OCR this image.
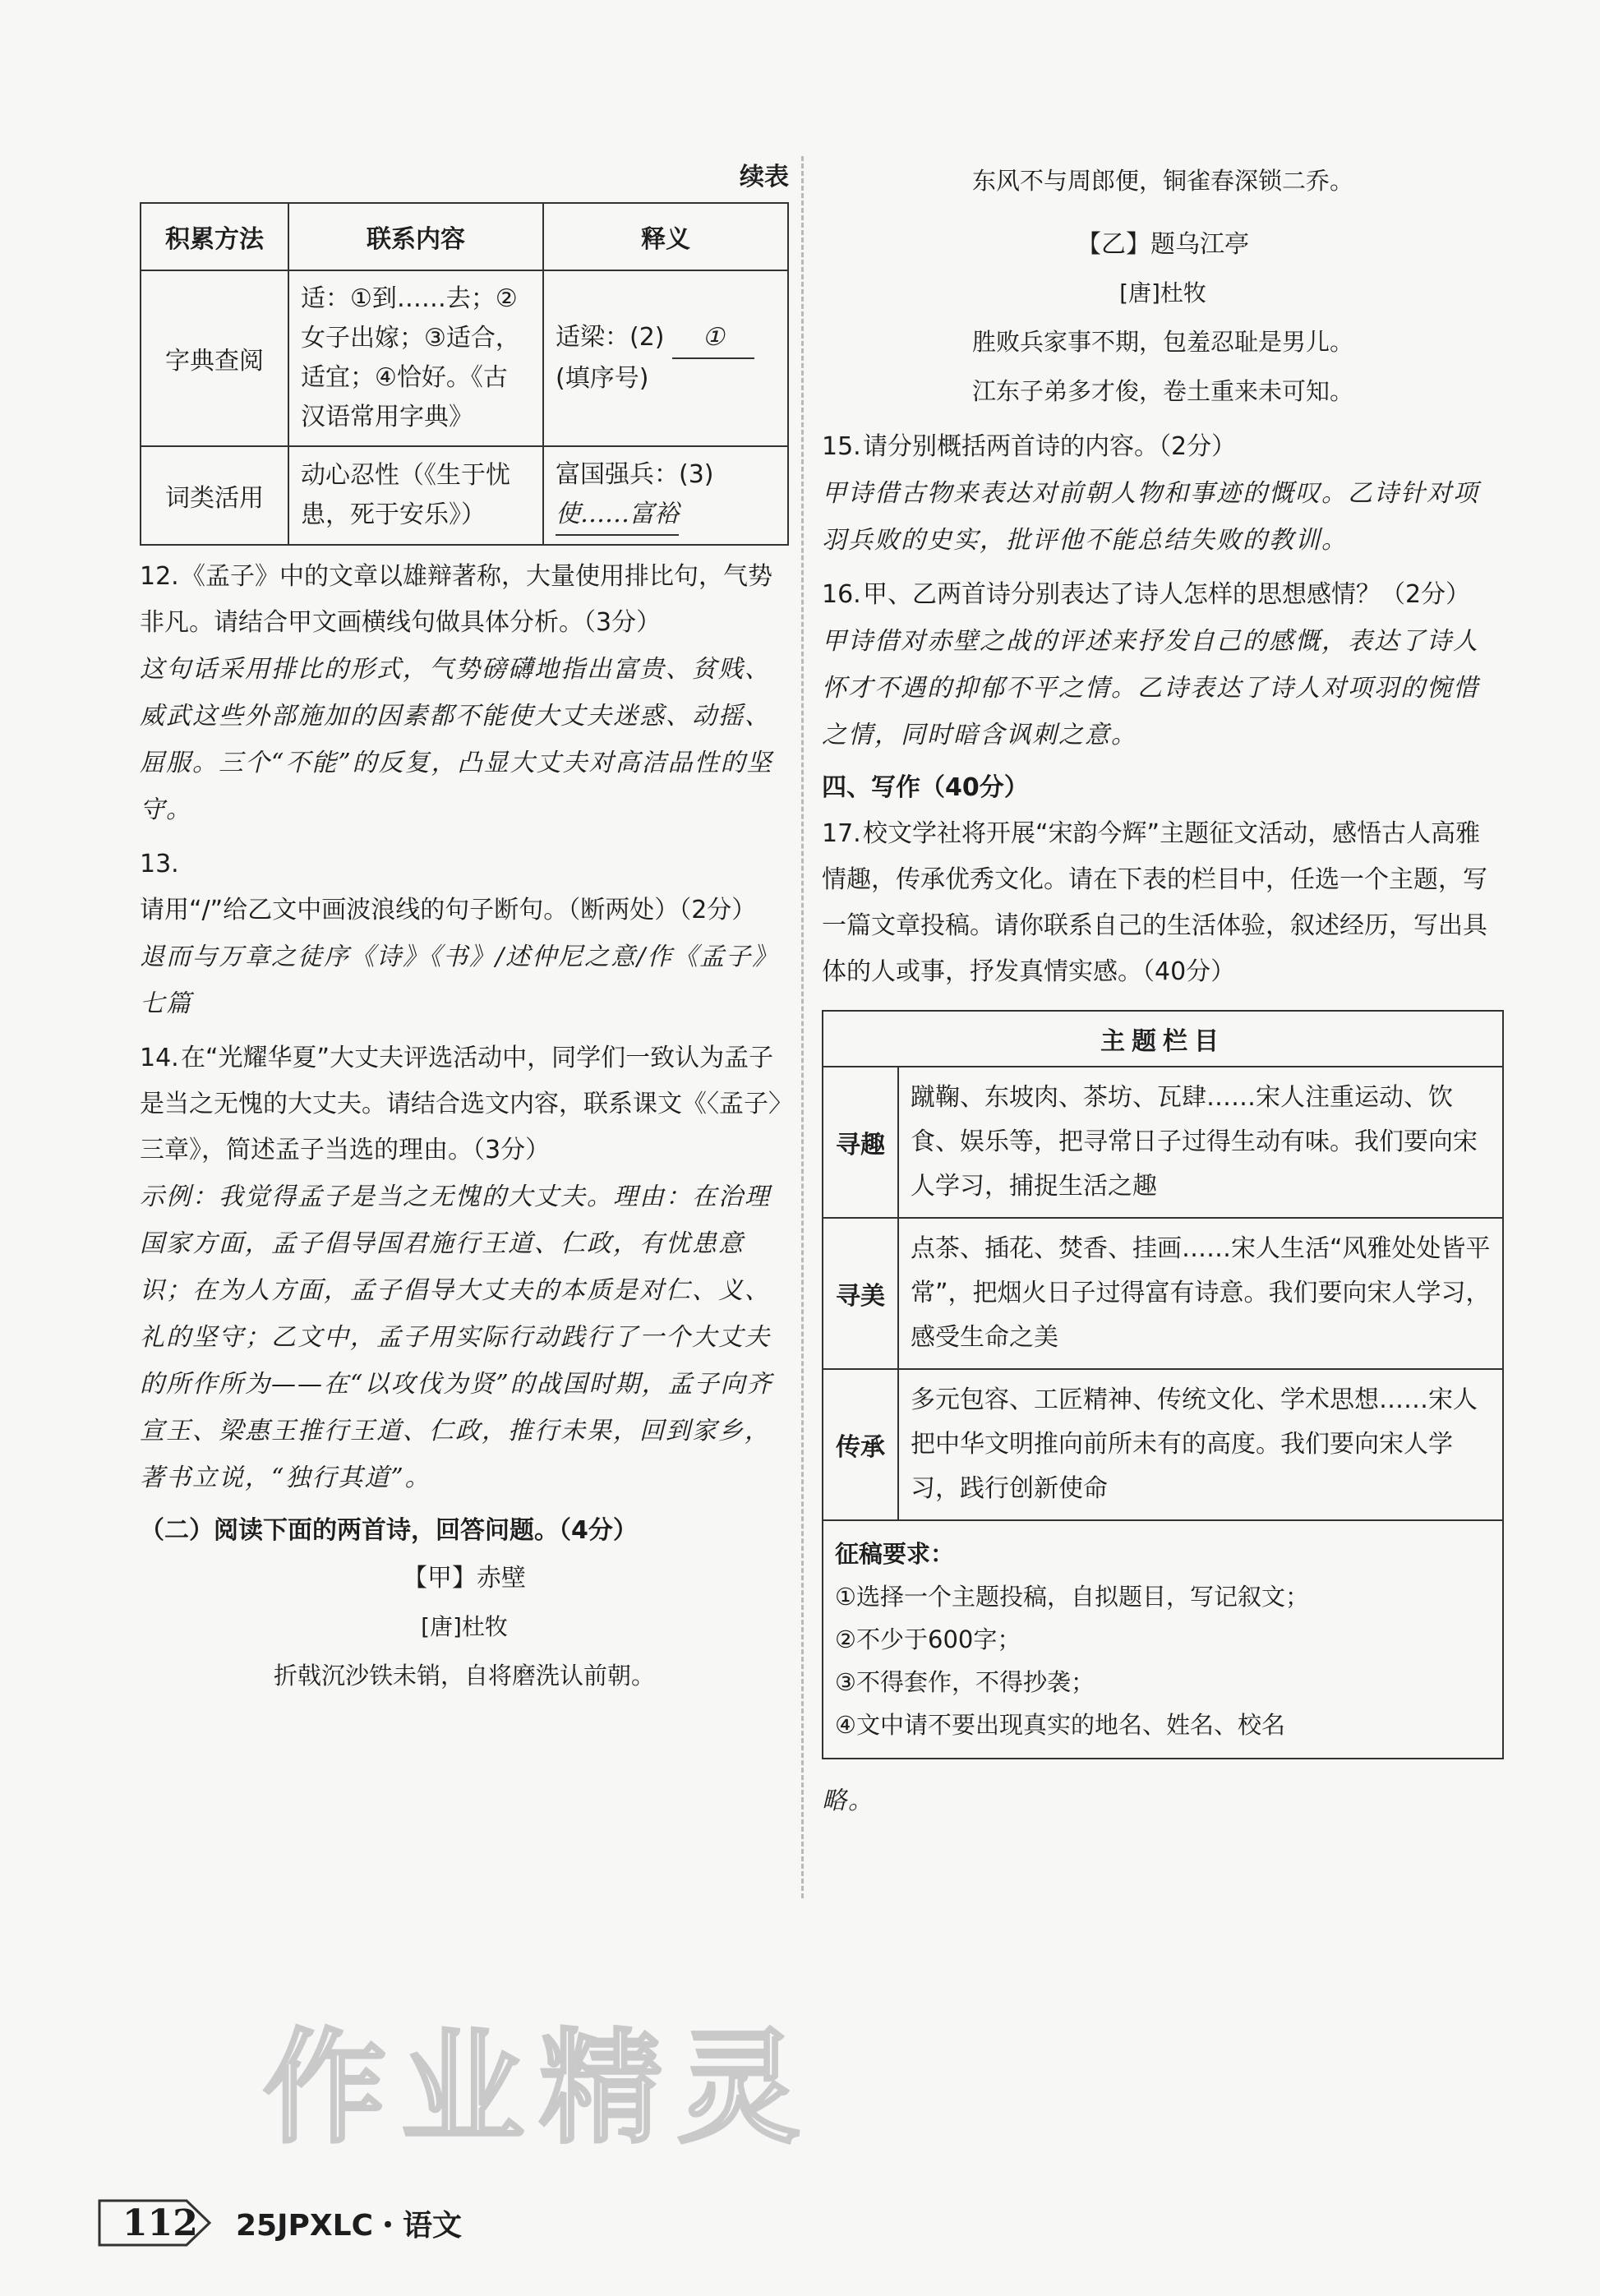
续表
积累方法	联系内容	释义
字典查阅	适：①到……去；②女子出嫁；③适合，适宜；④恰好。《古汉语常用字典》	适梁：(2) ①
(填序号)
词类活用	动心忍性（《生于忧患，死于安乐》）	富国强兵：(3) 使……富裕
12.《孟子》中的文章以雄辩著称，大量使用排比句，气势非凡。请结合甲文画横线句做具体分析。（3分）
这句话采用排比的形式，气势磅礴地指出富贵、贫贱、威武这些外部施加的因素都不能使大丈夫迷惑、动摇、屈服。三个“不能”的反复，凸显大丈夫对高洁品性的坚守。
13.请用“/”给乙文中画波浪线的句子断句。（断两处）（2分）
退而与万章之徒序《诗》《书》/述仲尼之意/作《孟子》七篇
14.在“光耀华夏”大丈夫评选活动中，同学们一致认为孟子是当之无愧的大丈夫。请结合选文内容，联系课文《〈孟子〉三章》，简述孟子当选的理由。（3分）
示例：我觉得孟子是当之无愧的大丈夫。理由：在治理国家方面，孟子倡导国君施行王道、仁政，有忧患意识；在为人方面，孟子倡导大丈夫的本质是对仁、义、礼的坚守；乙文中，孟子用实际行动践行了一个大丈夫的所作所为——在“以攻伐为贤”的战国时期，孟子向齐宣王、梁惠王推行王道、仁政，推行未果，回到家乡，著书立说，“独行其道”。
（二）阅读下面的两首诗，回答问题。（4分）
【甲】赤壁
[唐]杜牧
折戟沉沙铁未销，自将磨洗认前朝。
东风不与周郎便，铜雀春深锁二乔。
【乙】题乌江亭
[唐]杜牧
胜败兵家事不期，包羞忍耻是男儿。
江东子弟多才俊，卷土重来未可知。
15.请分别概括两首诗的内容。（2分）
甲诗借古物来表达对前朝人物和事迹的慨叹。乙诗针对项羽兵败的史实，批评他不能总结失败的教训。
16.甲、乙两首诗分别表达了诗人怎样的思想感情？（2分）
甲诗借对赤壁之战的评述来抒发自己的感慨，表达了诗人怀才不遇的抑郁不平之情。乙诗表达了诗人对项羽的惋惜之情，同时暗含讽刺之意。
四、写作（40分）
17.校文学社将开展“宋韵今辉”主题征文活动，感悟古人高雅情趣，传承优秀文化。请在下表的栏目中，任选一个主题，写一篇文章投稿。请你联系自己的生活体验，叙述经历，写出具体的人或事，抒发真情实感。（40分）
主题栏目	
寻趣	蹴鞠、东坡肉、茶坊、瓦肆……宋人注重运动、饮食、娱乐等，把寻常日子过得生动有味。我们要向宋人学习，捕捉生活之趣
寻美	点茶、插花、焚香、挂画……宋人生活“风雅处处皆平常”，把烟火日子过得富有诗意。我们要向宋人学习，感受生命之美
传承	多元包容、工匠精神、传统文化、学术思想……宋人把中华文明推向前所未有的高度。我们要向宋人学习，践行创新使命

征稿要求：
①选择一个主题投稿，自拟题目，写记叙文；
②不少于600字；
③不得套作，不得抄袭；
④文中请不要出现真实的地名、姓名、校名	
略。
作业精灵
112 25JPXLC・语文
